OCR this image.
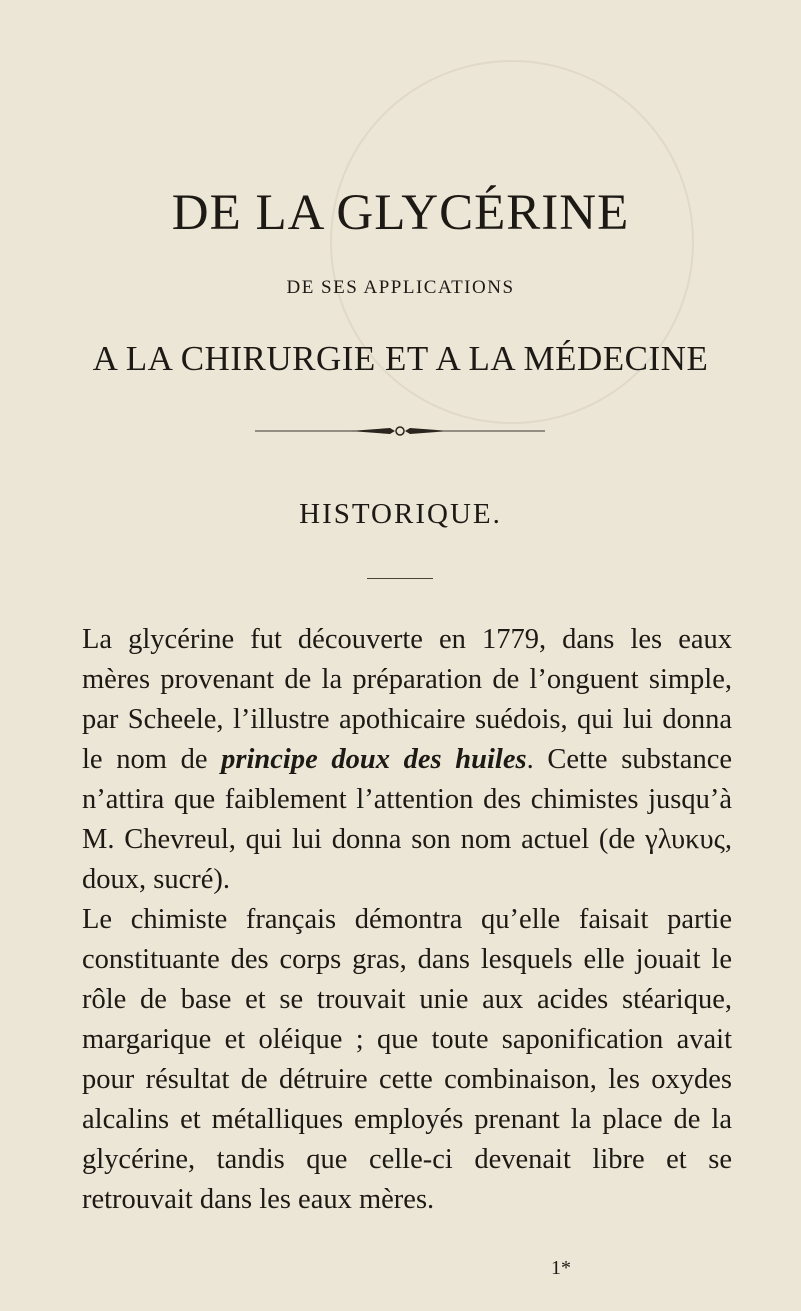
DE LA GLYCÉRINE
DE SES APPLICATIONS
A LA CHIRURGIE ET A LA MÉDECINE
HISTORIQUE.

La glycérine fut découverte en 1779, dans les eaux mères provenant de la préparation de l’onguent simple, par Scheele, l’illustre apothicaire suédois, qui lui donna le nom de principe doux des huiles. Cette substance n’attira que faiblement l’attention des chimistes jusqu’à M. Chevreul, qui lui donna son nom actuel (de γλυκυς, doux, sucré).

Le chimiste français démontra qu’elle faisait partie constituante des corps gras, dans lesquels elle jouait le rôle de base et se trouvait unie aux acides stéarique, margarique et oléique ; que toute saponification avait pour résultat de détruire cette combinaison, les oxydes alcalins et métalliques employés prenant la place de la glycérine, tandis que celle-ci devenait libre et se retrouvait dans les eaux mères.

1*
